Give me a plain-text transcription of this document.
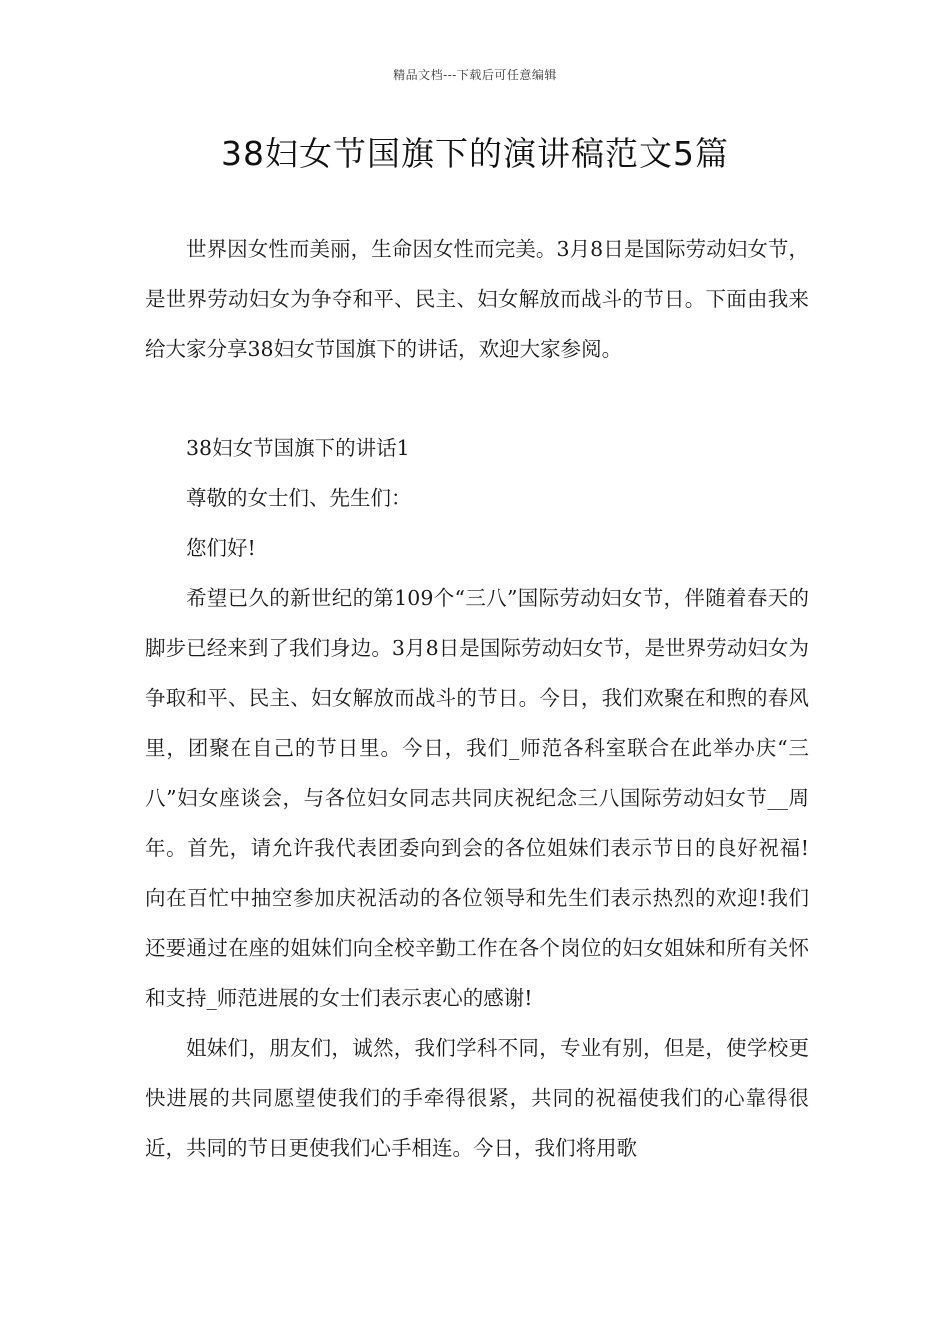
精品文档---下载后可任意编辑
38妇女节国旗下的演讲稿范文5篇

世界因女性而美丽，生命因女性而完美。3月8日是国际劳动妇女节，是世界劳动妇女为争夺和平、民主、妇女解放而战斗的节日。下面由我来给大家分享38妇女节国旗下的讲话，欢迎大家参阅。

38妇女节国旗下的讲话1

尊敬的女士们、先生们：

您们好!

希望已久的新世纪的第109个“三八”国际劳动妇女节，伴随着春天的脚步已经来到了我们身边。3月8日是国际劳动妇女节，是世界劳动妇女为争取和平、民主、妇女解放而战斗的节日。今日，我们欢聚在和煦的春风里，团聚在自己的节日里。今日，我们_师范各科室联合在此举办庆“三八”妇女座谈会，与各位妇女同志共同庆祝纪念三八国际劳动妇女节__周年。首先，请允许我代表团委向到会的各位姐妹们表示节日的良好祝福!向在百忙中抽空参加庆祝活动的各位领导和先生们表示热烈的欢迎!我们还要通过在座的姐妹们向全校辛勤工作在各个岗位的妇女姐妹和所有关怀和支持_师范进展的女士们表示衷心的感谢!

姐妹们，朋友们，诚然，我们学科不同，专业有别，但是，使学校更快进展的共同愿望使我们的手牵得很紧，共同的祝福使我们的心靠得很近，共同的节日更使我们心手相连。今日，我们将用歌
